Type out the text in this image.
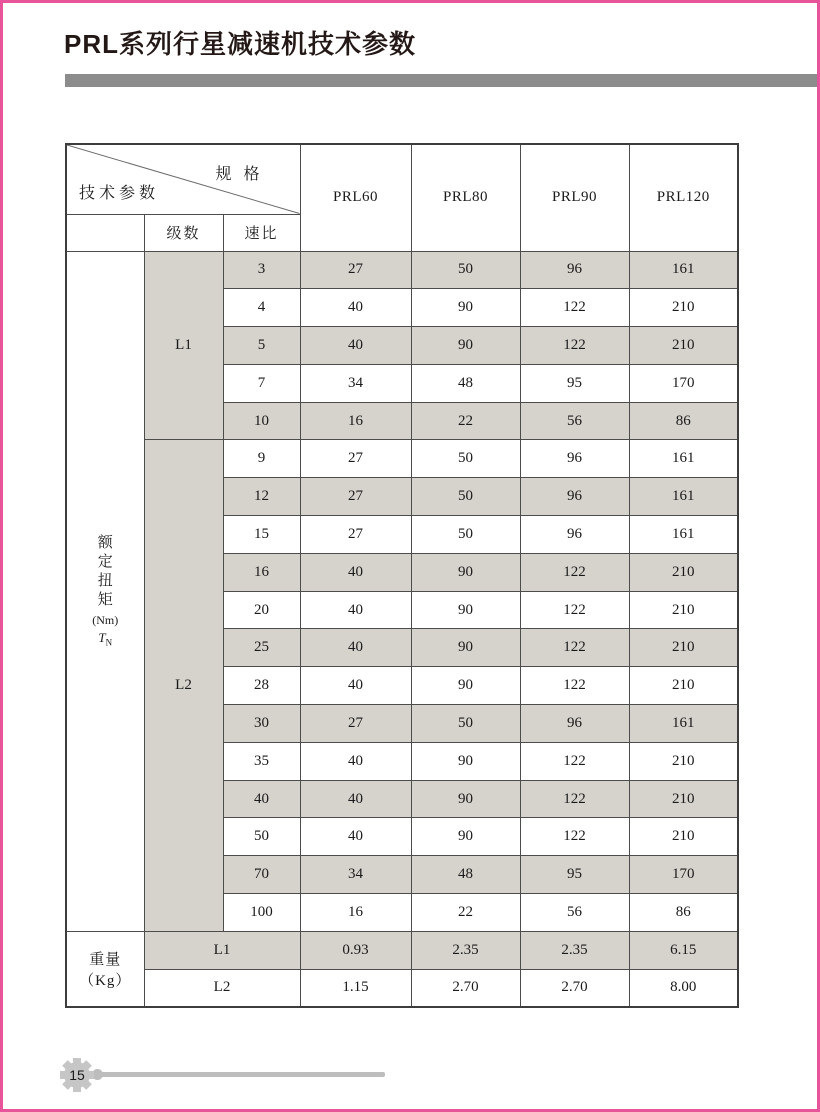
PRL系列行星减速机技术参数
规 格
技术参数			PRL60	PRL80	PRL90	PRL120
	级数	速比				

额
定
扭
矩
(Nm)
$T_N$
	L1	3	27	50	96	161
		4	40	90	122	210
		5	40	90	122	210
		7	34	48	95	170
		10	16	22	56	86
	L2	9	27	50	96	161
		12	27	50	96	161
		15	27	50	96	161
		16	40	90	122	210
		20	40	90	122	210
		25	40	90	122	210
		28	40	90	122	210
		30	27	50	96	161
		35	40	90	122	210
		40	40	90	122	210
		50	40	90	122	210
		70	34	48	95	170
		100	16	22	56	86
重量（Kg）	L1		0.93	2.35	2.35	6.15
	L2		1.15	2.70	2.70	8.00
15
